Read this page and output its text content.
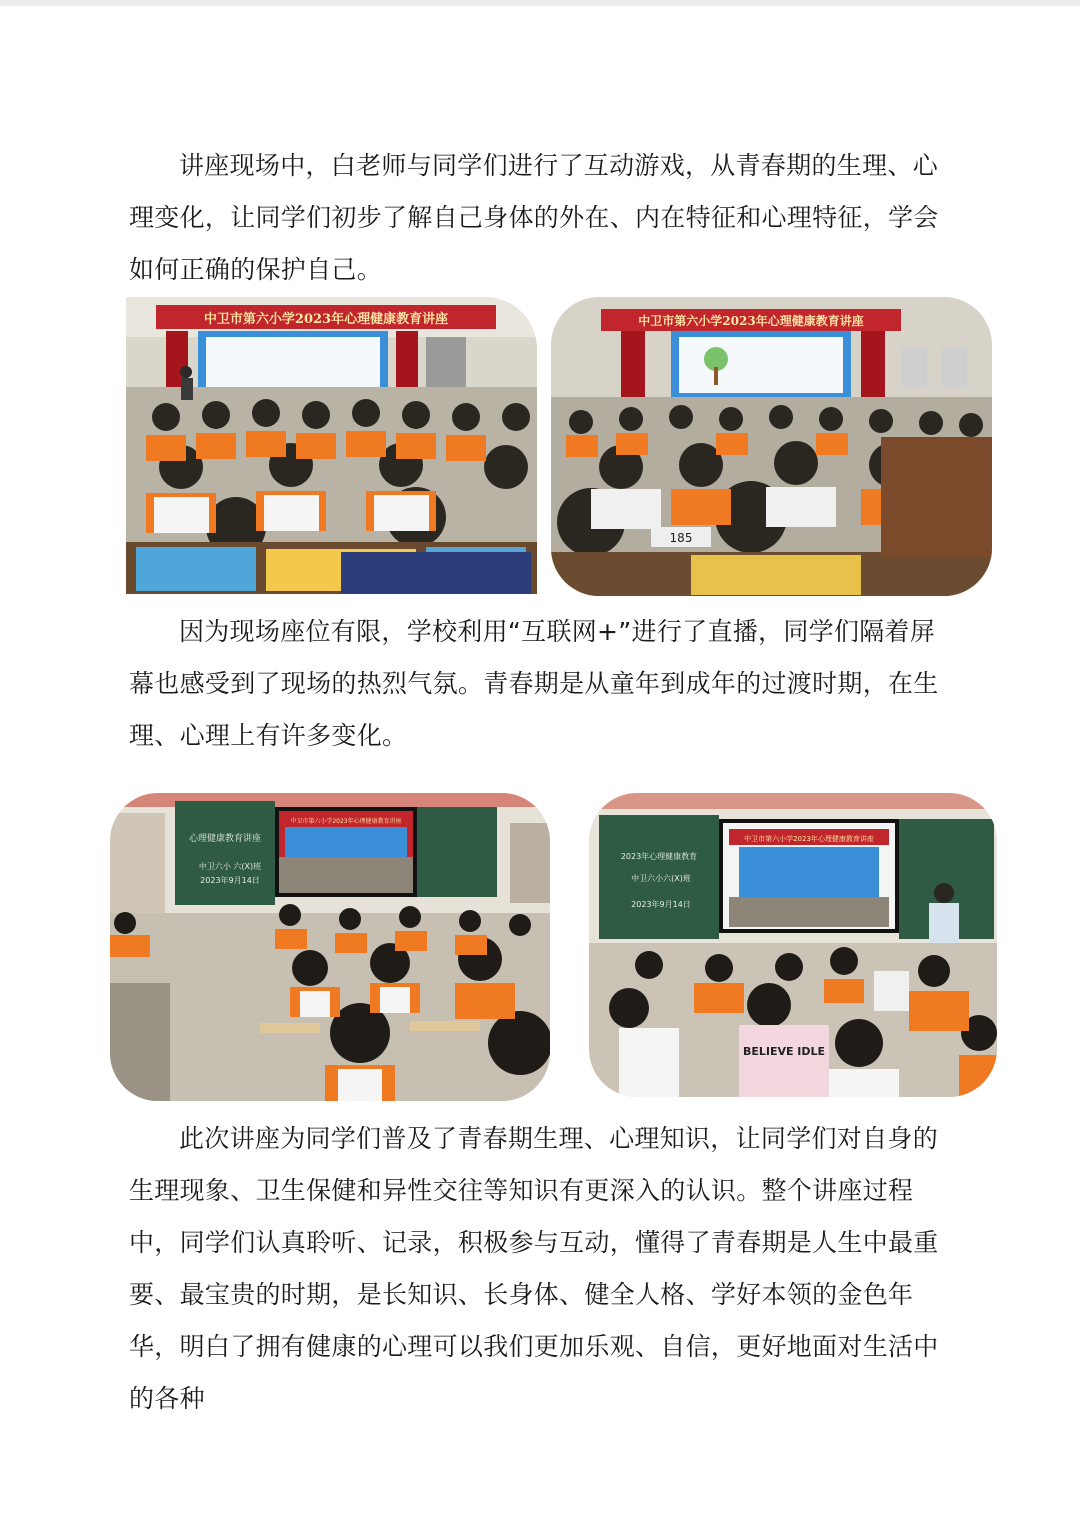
讲座现场中，白老师与同学们进行了互动游戏，从青春期的生理、心理变化，让同学们初步了解自己身体的外在、内在特征和心理特征，学会如何正确的保护自己。

中卫市第六小学2023年心理健康教育讲座	中卫市第六小学2023年心理健康教育讲座
185

因为现场座位有限，学校利用“互联网+”进行了直播，同学们隔着屏幕也感受到了现场的热烈气氛。青春期是从童年到成年的过渡时期，在生理、心理上有许多变化。

心理健康教育讲座
中卫六小 六(X)班
2023年9月14日
中卫市第六小学2023年心理健康教育讲座
2023年心理健康教育
中卫六小六(X)班
2023年9月14日
中卫市第六小学2023年心理健康教育讲座
BELIEVE IDLE

此次讲座为同学们普及了青春期生理、心理知识，让同学们对自身的生理现象、卫生保健和异性交往等知识有更深入的认识。整个讲座过程中，同学们认真聆听、记录，积极参与互动，懂得了青春期是人生中最重要、最宝贵的时期，是长知识、长身体、健全人格、学好本领的金色年华，明白了拥有健康的心理可以我们更加乐观、自信，更好地面对生活中的各种
